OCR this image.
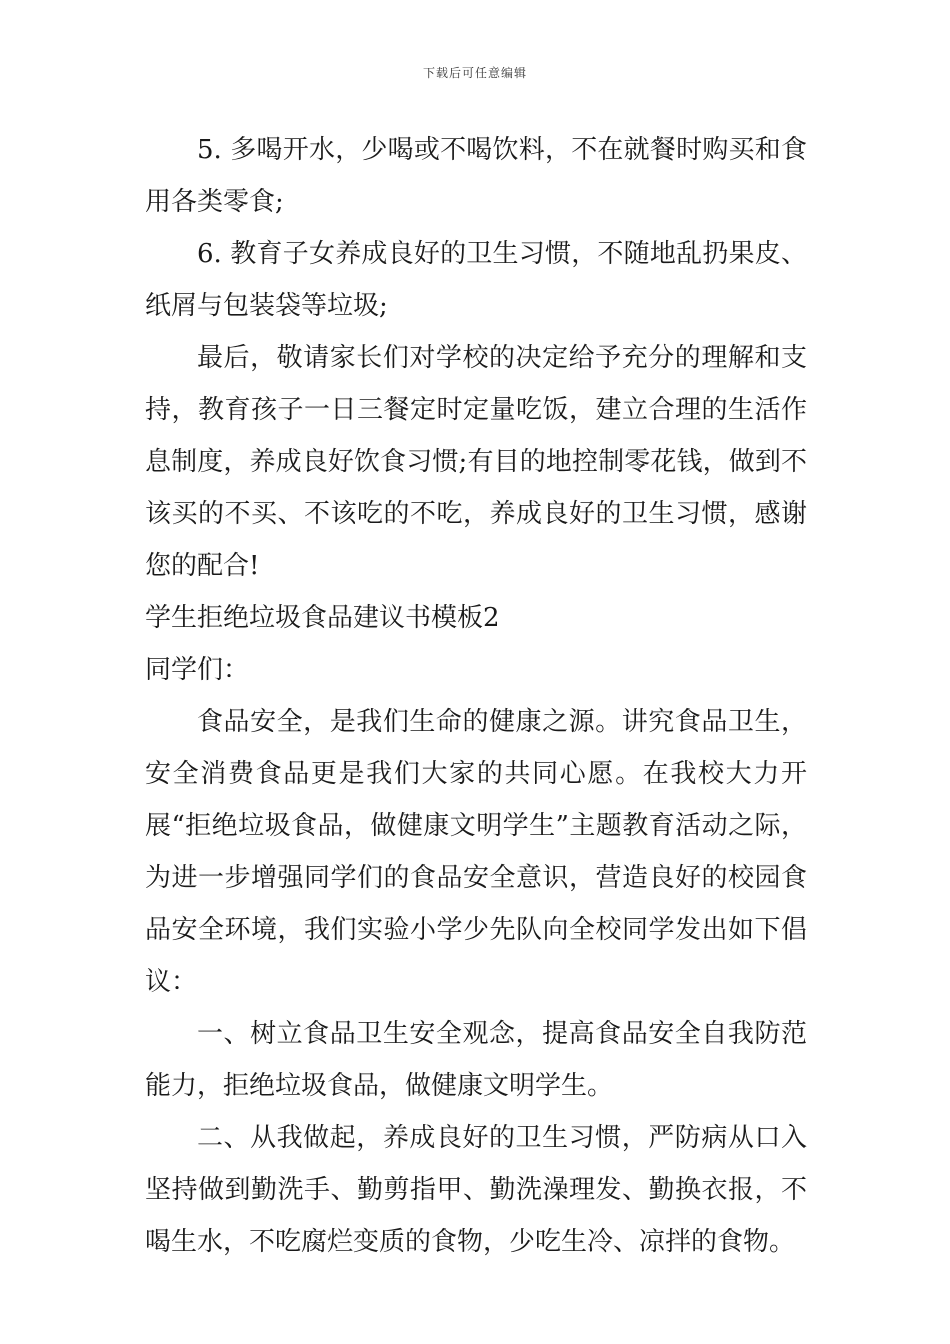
下载后可任意编辑

5. 多喝开水，少喝或不喝饮料，不在就餐时购买和食用各类零食;

6. 教育子女养成良好的卫生习惯，不随地乱扔果皮、纸屑与包装袋等垃圾;

最后，敬请家长们对学校的决定给予充分的理解和支持，教育孩子一日三餐定时定量吃饭，建立合理的生活作息制度，养成良好饮食习惯;有目的地控制零花钱，做到不该买的不买、不该吃的不吃，养成良好的卫生习惯，感谢您的配合!

学生拒绝垃圾食品建议书模板2

同学们：

食品安全，是我们生命的健康之源。讲究食品卫生，安全消费食品更是我们大家的共同心愿。在我校大力开展“拒绝垃圾食品，做健康文明学生”主题教育活动之际，为进一步增强同学们的食品安全意识，营造良好的校园食品安全环境，我们实验小学少先队向全校同学发出如下倡议：

一、树立食品卫生安全观念，提高食品安全自我防范能力，拒绝垃圾食品，做健康文明学生。

二、从我做起，养成良好的卫生习惯，严防病从口入坚持做到勤洗手、勤剪指甲、勤洗澡理发、勤换衣报，不喝生水，不吃腐烂变质的食物，少吃生冷、凉拌的食物。
